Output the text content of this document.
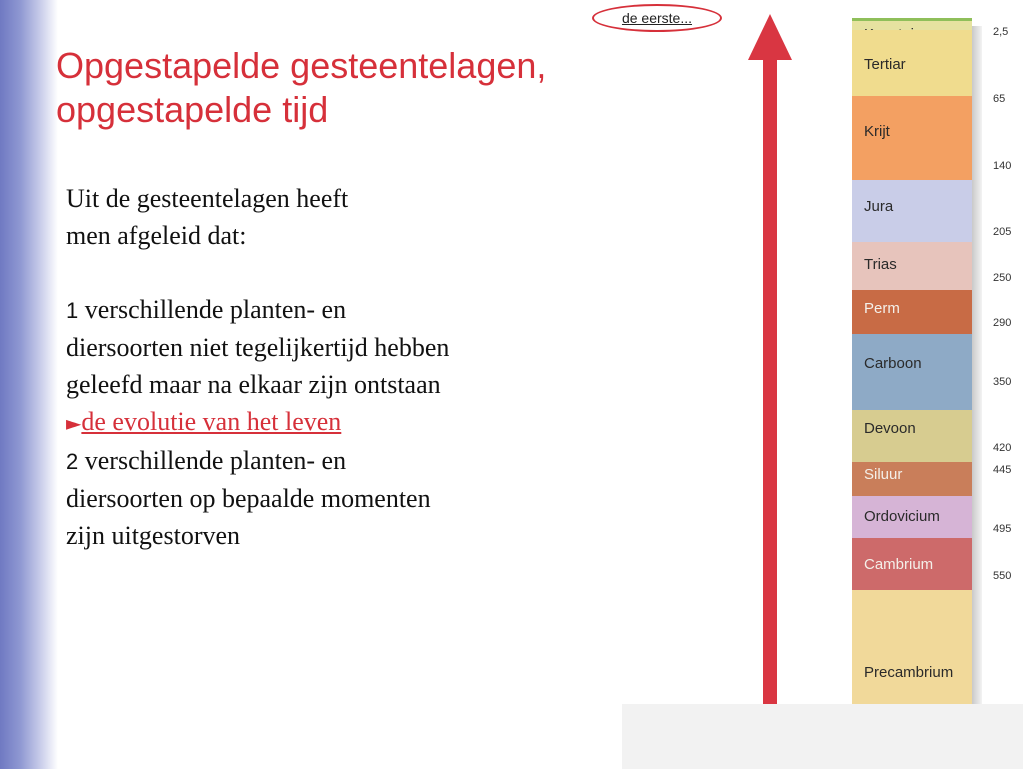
Opgestapelde gesteentelagen,
opgestapelde tijd

Uit de gesteentelagen heeft

men afgeleid dat:

1 verschillende planten- en

diersoorten niet tegelijkertijd hebben

geleefd maar na elkaar zijn ontstaan

►de evolutie van het leven

2 verschillende planten- en

diersoorten op bepaalde momenten

zijn uitgestorven

de eerste...
Tertiar
Krijt
Jura
Trias
Perm
Carboon
Devoon
Siluur
Ordovicium
Cambrium
Precambrium
2,5
65
140
205
250
290
350
420
445
495
550
